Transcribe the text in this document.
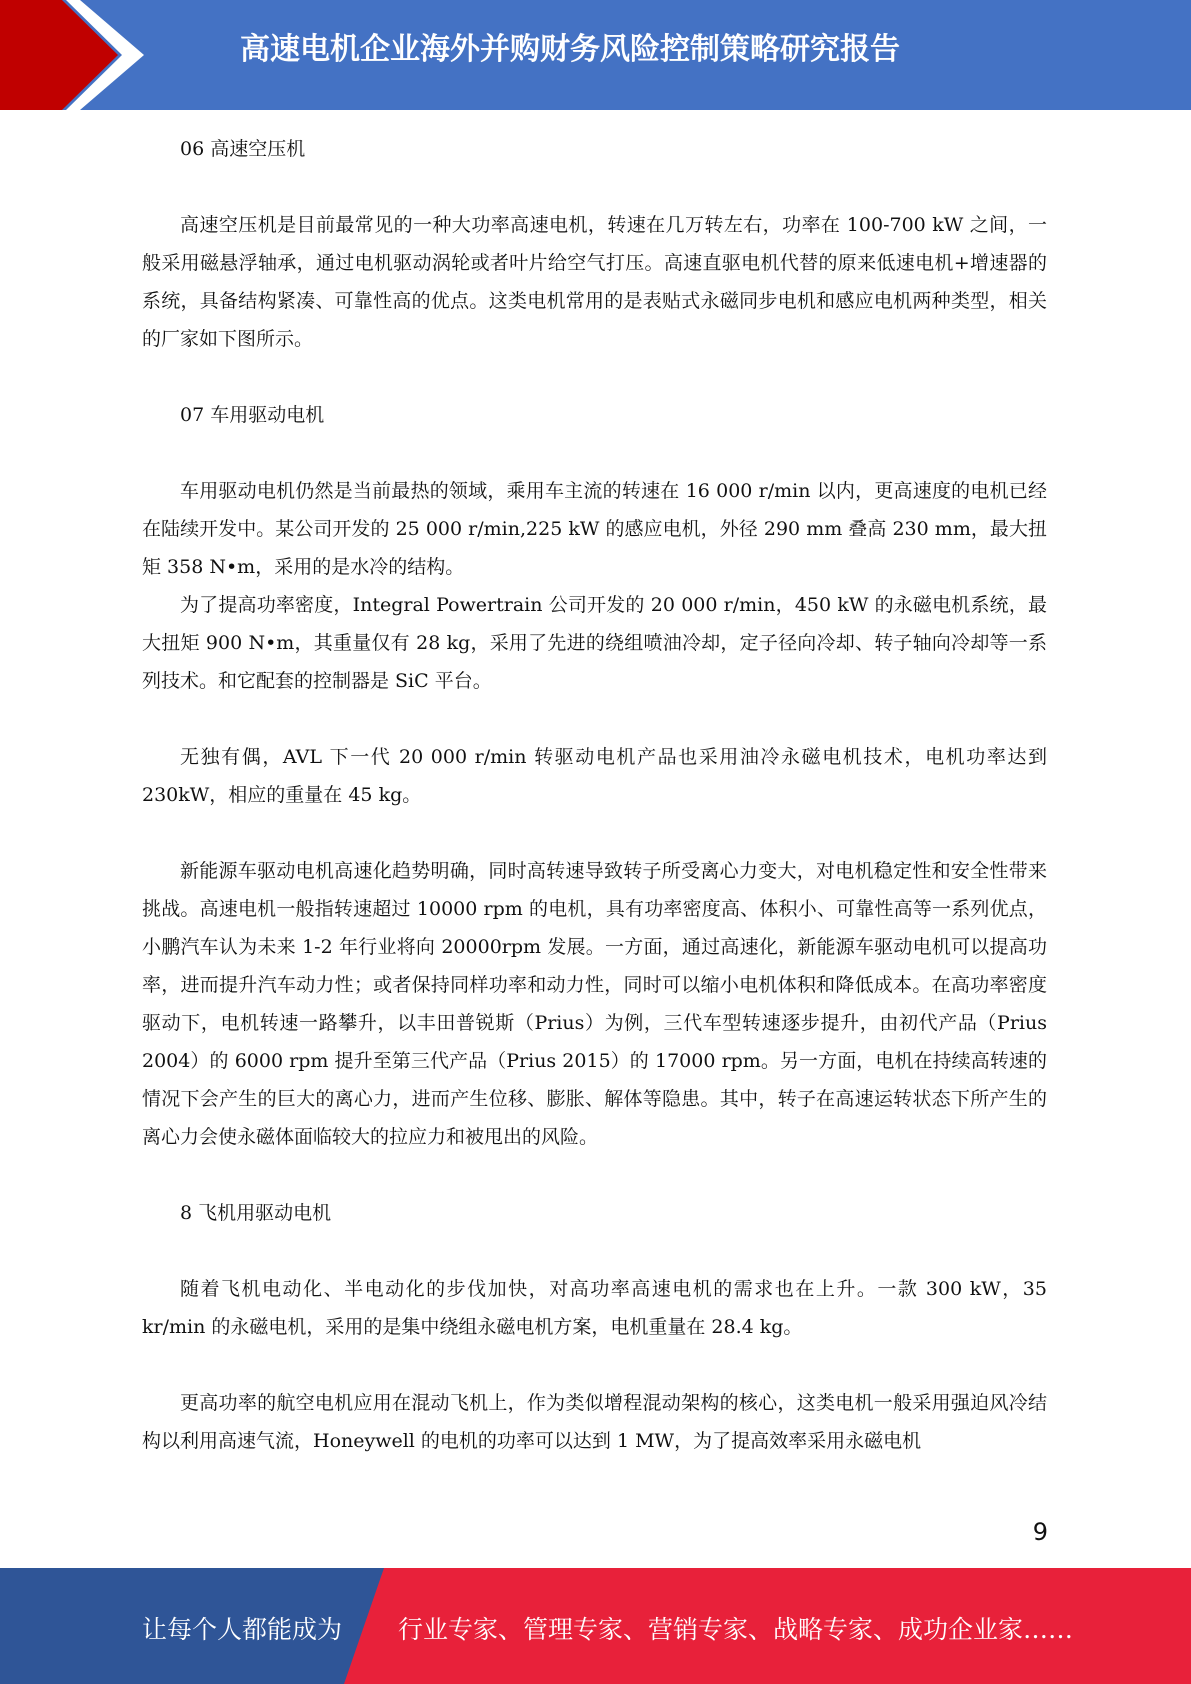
高速电机企业海外并购财务风险控制策略研究报告

06 高速空压机

高速空压机是目前最常见的一种大功率高速电机，转速在几万转左右，功率在 100-700 kW 之间，一般采用磁悬浮轴承，通过电机驱动涡轮或者叶片给空气打压。高速直驱电机代替的原来低速电机+增速器的系统，具备结构紧凑、可靠性高的优点。这类电机常用的是表贴式永磁同步电机和感应电机两种类型，相关的厂家如下图所示。

07 车用驱动电机

车用驱动电机仍然是当前最热的领域，乘用车主流的转速在 16 000 r/min 以内，更高速度的电机已经在陆续开发中。某公司开发的 25 000 r/min,225 kW 的感应电机，外径 290 mm 叠高 230 mm，最大扭矩 358 N•m，采用的是水冷的结构。

为了提高功率密度，Integral Powertrain 公司开发的 20 000 r/min，450 kW 的永磁电机系统，最大扭矩 900 N•m，其重量仅有 28 kg，采用了先进的绕组喷油冷却，定子径向冷却、转子轴向冷却等一系列技术。和它配套的控制器是 SiC 平台。

无独有偶，AVL 下一代 20 000 r/min 转驱动电机产品也采用油冷永磁电机技术，电机功率达到 230kW，相应的重量在 45 kg。

新能源车驱动电机高速化趋势明确，同时高转速导致转子所受离心力变大，对电机稳定性和安全性带来挑战。高速电机一般指转速超过 10000 rpm 的电机，具有功率密度高、体积小、可靠性高等一系列优点，小鹏汽车认为未来 1-2 年行业将向 20000rpm 发展。一方面，通过高速化，新能源车驱动电机可以提高功率，进而提升汽车动力性；或者保持同样功率和动力性，同时可以缩小电机体积和降低成本。在高功率密度驱动下，电机转速一路攀升，以丰田普锐斯（Prius）为例，三代车型转速逐步提升，由初代产品（Prius 2004）的 6000 rpm 提升至第三代产品（Prius 2015）的 17000 rpm。另一方面，电机在持续高转速的情况下会产生的巨大的离心力，进而产生位移、膨胀、解体等隐患。其中，转子在高速运转状态下所产生的离心力会使永磁体面临较大的拉应力和被甩出的风险。

8 飞机用驱动电机

随着飞机电动化、半电动化的步伐加快，对高功率高速电机的需求也在上升。一款 300 kW，35 kr/min 的永磁电机，采用的是集中绕组永磁电机方案，电机重量在 28.4 kg。

更高功率的航空电机应用在混动飞机上，作为类似增程混动架构的核心，这类电机一般采用强迫风冷结构以利用高速气流，Honeywell 的电机的功率可以达到 1 MW，为了提高效率采用永磁电机

9
让每个人都能成为 行业专家、管理专家、营销专家、战略专家、成功企业家……
